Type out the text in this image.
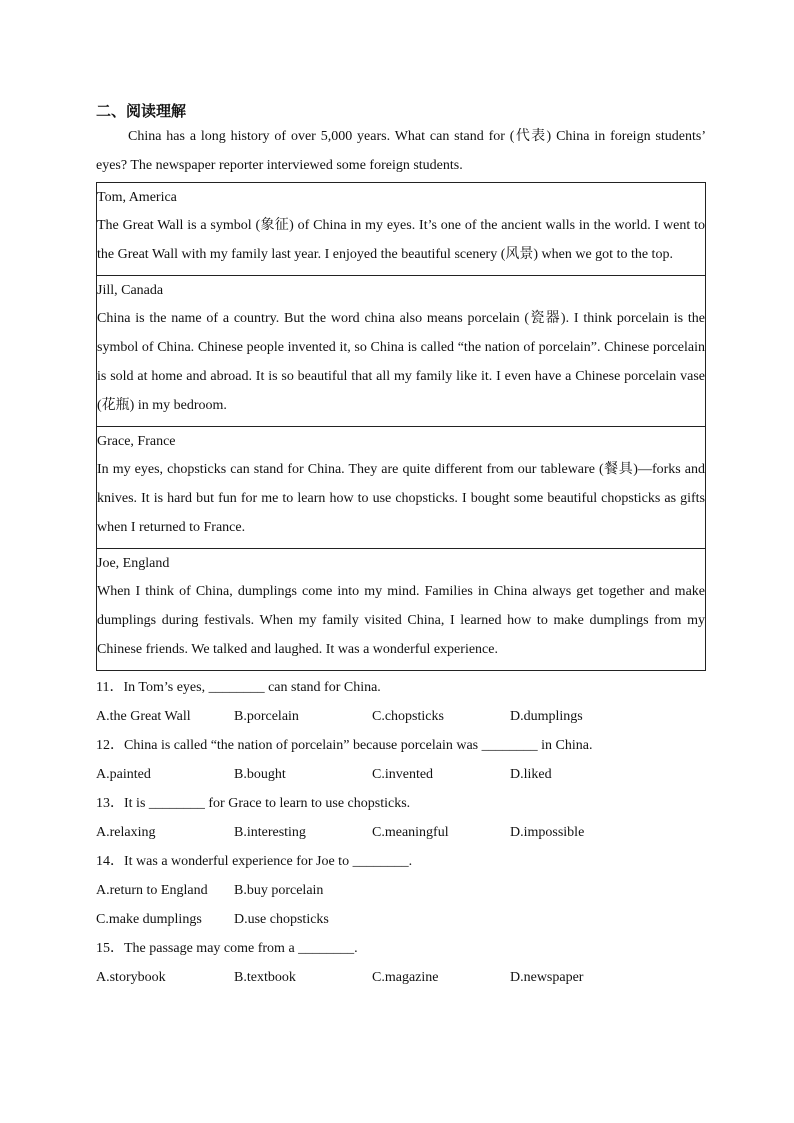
二、阅读理解

China has a long history of over 5,000 years. What can stand for (代表) China in foreign students’ eyes? The newspaper reporter interviewed some foreign students.

Tom, America

The Great Wall is a symbol (象征) of China in my eyes. It’s one of the ancient walls in the world. I went to the Great Wall with my family last year. I enjoyed the beautiful scenery (风景) when we got to the top.

Jill, Canada

China is the name of a country. But the word china also means porcelain (瓷器). I think porcelain is the symbol of China. Chinese people invented it, so China is called “the nation of porcelain”. Chinese porcelain is sold at home and abroad. It is so beautiful that all my family like it. I even have a Chinese porcelain vase (花瓶) in my bedroom.

Grace, France

In my eyes, chopsticks can stand for China. They are quite different from our tableware (餐具)—forks and knives. It is hard but fun for me to learn how to use chopsticks. I bought some beautiful chopsticks as gifts when I returned to France.

Joe, England

When I think of China, dumplings come into my mind. Families in China always get together and make dumplings during festivals. When my family visited China, I learned how to make dumplings from my Chinese friends. We talked and laughed. It was a wonderful experience.

11．In Tom’s eyes, ________ can stand for China.

A.the Great Wall	B.porcelain	C.chopsticks	D.dumplings

12．China is called “the nation of porcelain” because porcelain was ________ in China.

A.painted	B.bought	C.invented	D.liked

13．It is ________ for Grace to learn to use chopsticks.

A.relaxing	B.interesting	C.meaningful	D.impossible

14．It was a wonderful experience for Joe to ________.

A.return to England	B.buy porcelain
C.make dumplings	D.use chopsticks

15．The passage may come from a ________.

A.storybook	B.textbook	C.magazine	D.newspaper
